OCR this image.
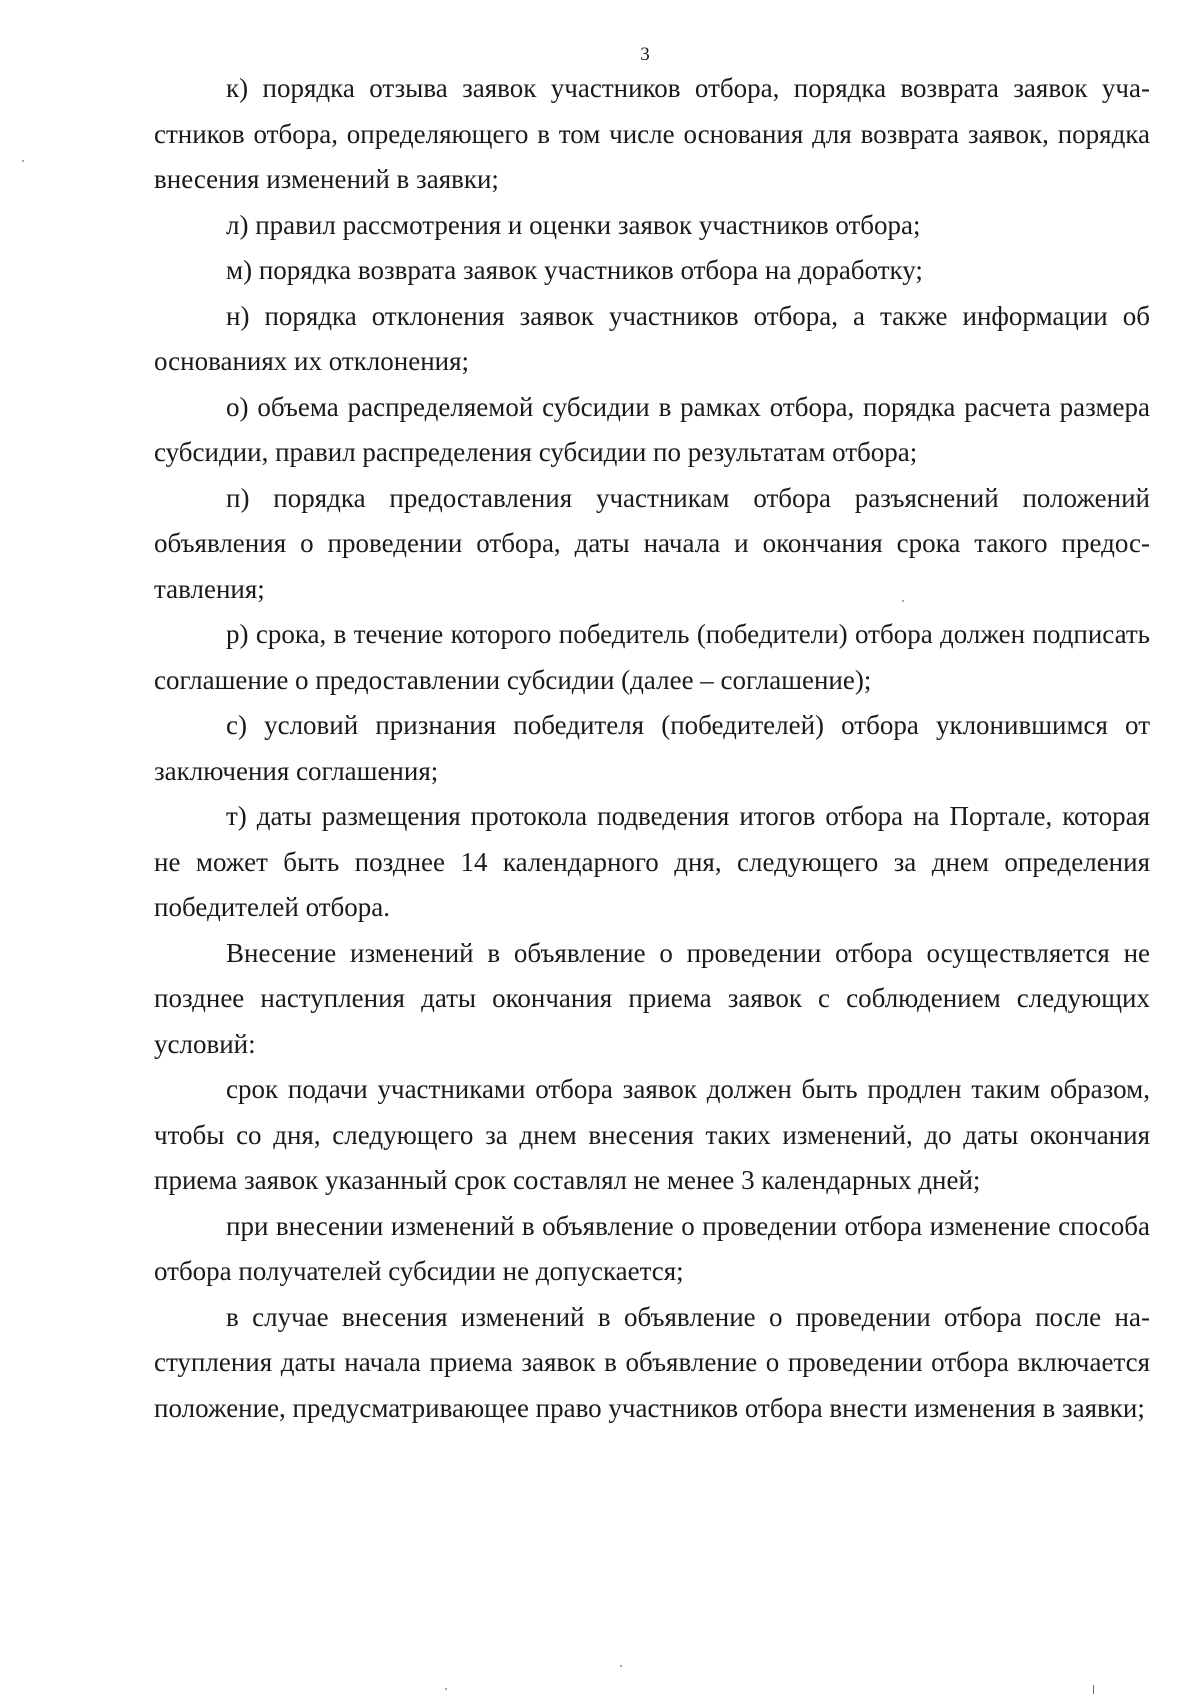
3

к) порядка отзыва заявок участников отбора, порядка возврата заявок участников отбора, определяющего в том числе основания для возврата заявок, порядка внесения изменений в заявки;

л) правил рассмотрения и оценки заявок участников отбора;

м) порядка возврата заявок участников отбора на доработку;

н) порядка отклонения заявок участников отбора, а также информации об основаниях их отклонения;

о) объема распределяемой субсидии в рамках отбора, порядка расчета размера субсидии, правил распределения субсидии по результатам отбора;

п) порядка предоставления участникам отбора разъяснений положений объявления о проведении отбора, даты начала и окончания срока такого предоставления;

р) срока, в течение которого победитель (победители) отбора должен подписать соглашение о предоставлении субсидии (далее – соглашение);

с) условий признания победителя (победителей) отбора уклонившимся от заключения соглашения;

т) даты размещения протокола подведения итогов отбора на Портале, которая не может быть позднее 14 календарного дня, следующего за днем определения победителей отбора.

Внесение изменений в объявление о проведении отбора осуществляется не позднее наступления даты окончания приема заявок с соблюдением следующих условий:

срок подачи участниками отбора заявок должен быть продлен таким образом, чтобы со дня, следующего за днем внесения таких изменений, до даты окончания приема заявок указанный срок составлял не менее 3 календарных дней;

при внесении изменений в объявление о проведении отбора изменение способа отбора получателей субсидии не допускается;

в случае внесения изменений в объявление о проведении отбора после наступления даты начала приема заявок в объявление о проведении отбора включается положение, предусматривающее право участников отбора внести изменения в заявки;
